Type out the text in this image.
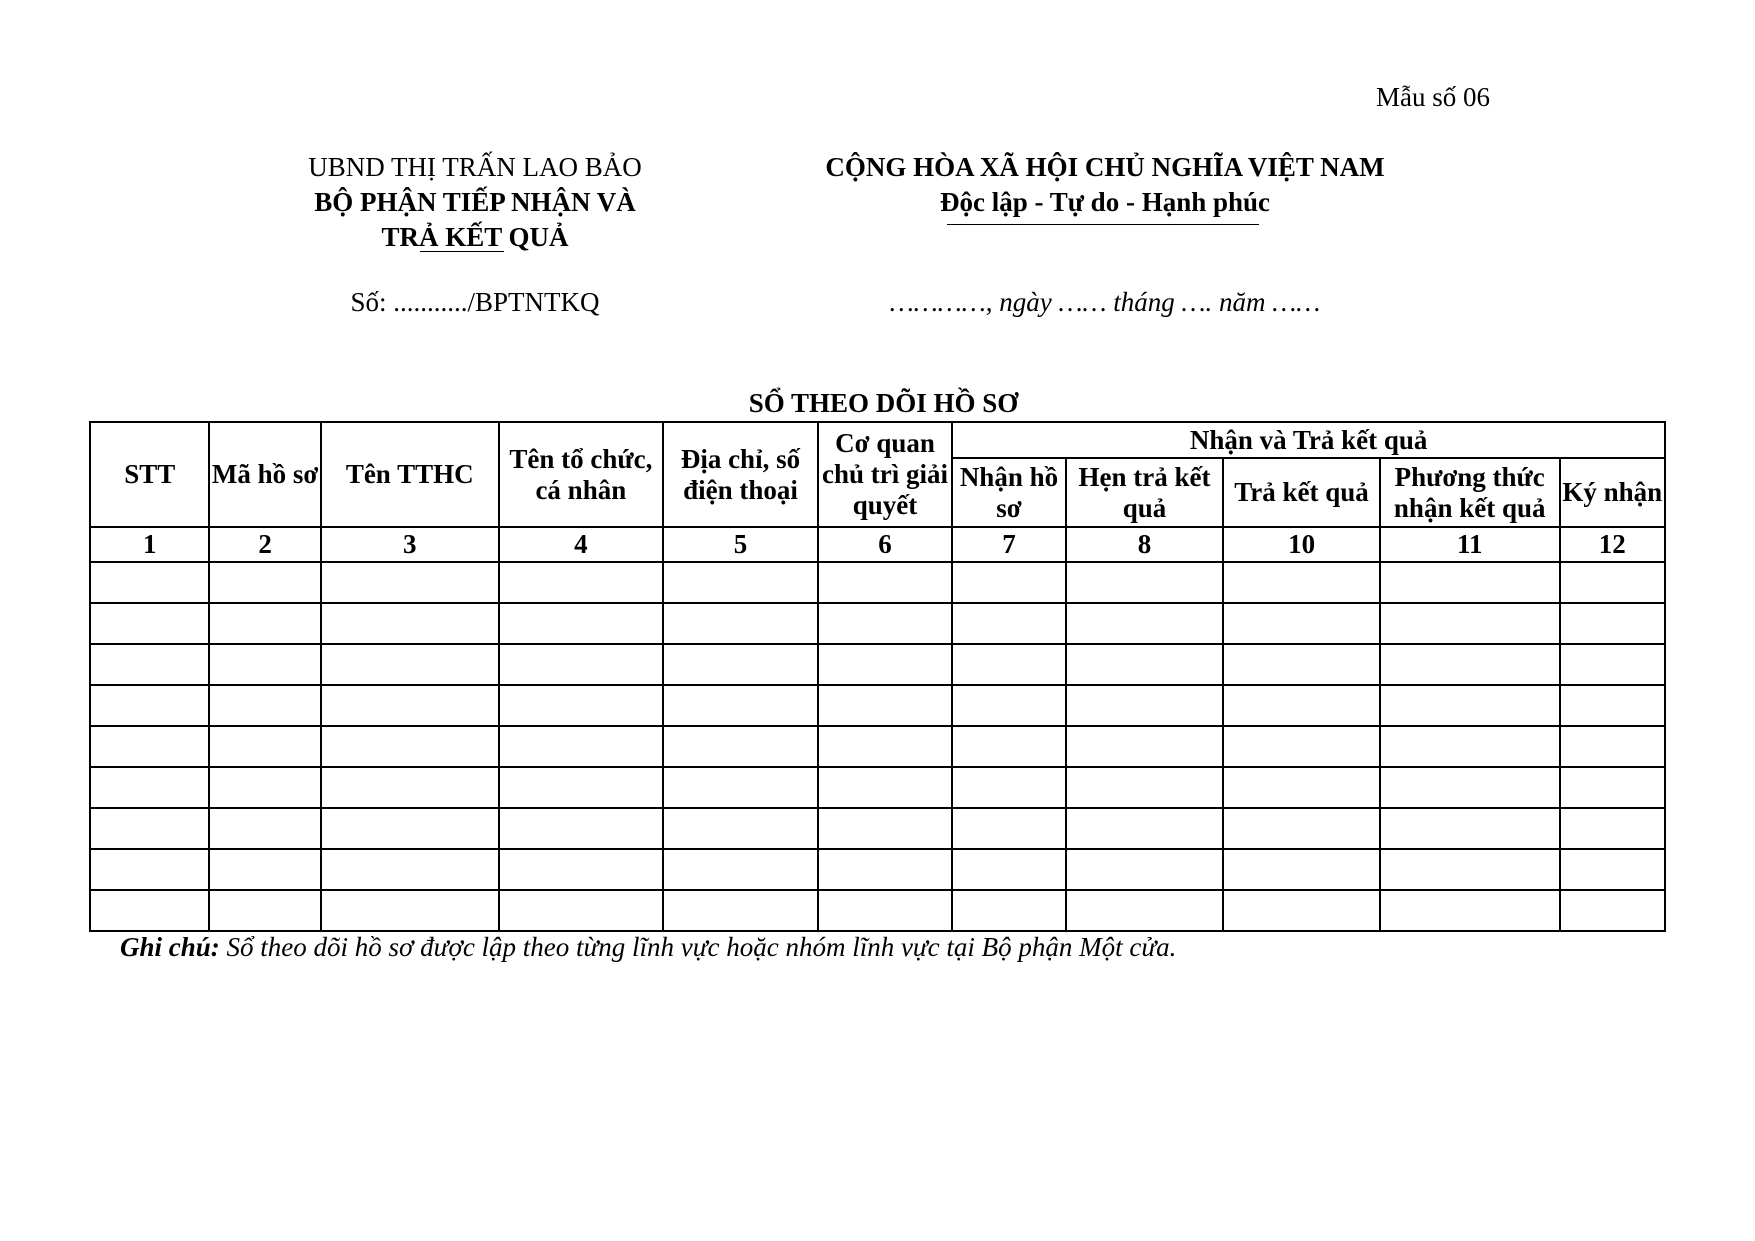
Mẫu số 06
UBND THỊ TRẤN LAO BẢO
BỘ PHẬN TIẾP NHẬN VÀ
TRẢ KẾT QUẢ
CỘNG HÒA XÃ HỘI CHỦ NGHĨA VIỆT NAM
Độc lập - Tự do - Hạnh phúc
Số: .........../BPTNTKQ	…………, ngày …… tháng …. năm ……
SỔ THEO DÕI HỒ SƠ
STT	Mã hồ sơ	Tên TTHC	Tên tổ chức, cá nhân	Địa chỉ, số điện thoại	Cơ quan chủ trì giải quyết	Nhận và Trả kết quả				
						Nhận hồ sơ	Hẹn trả kết quả	Trả kết quả	Phương thức nhận kết quả	Ký nhận
1	2	3	4	5	6	7	8	10	11	12

Ghi chú: Sổ theo dõi hồ sơ được lập theo từng lĩnh vực hoặc nhóm lĩnh vực tại Bộ phận Một cửa.
